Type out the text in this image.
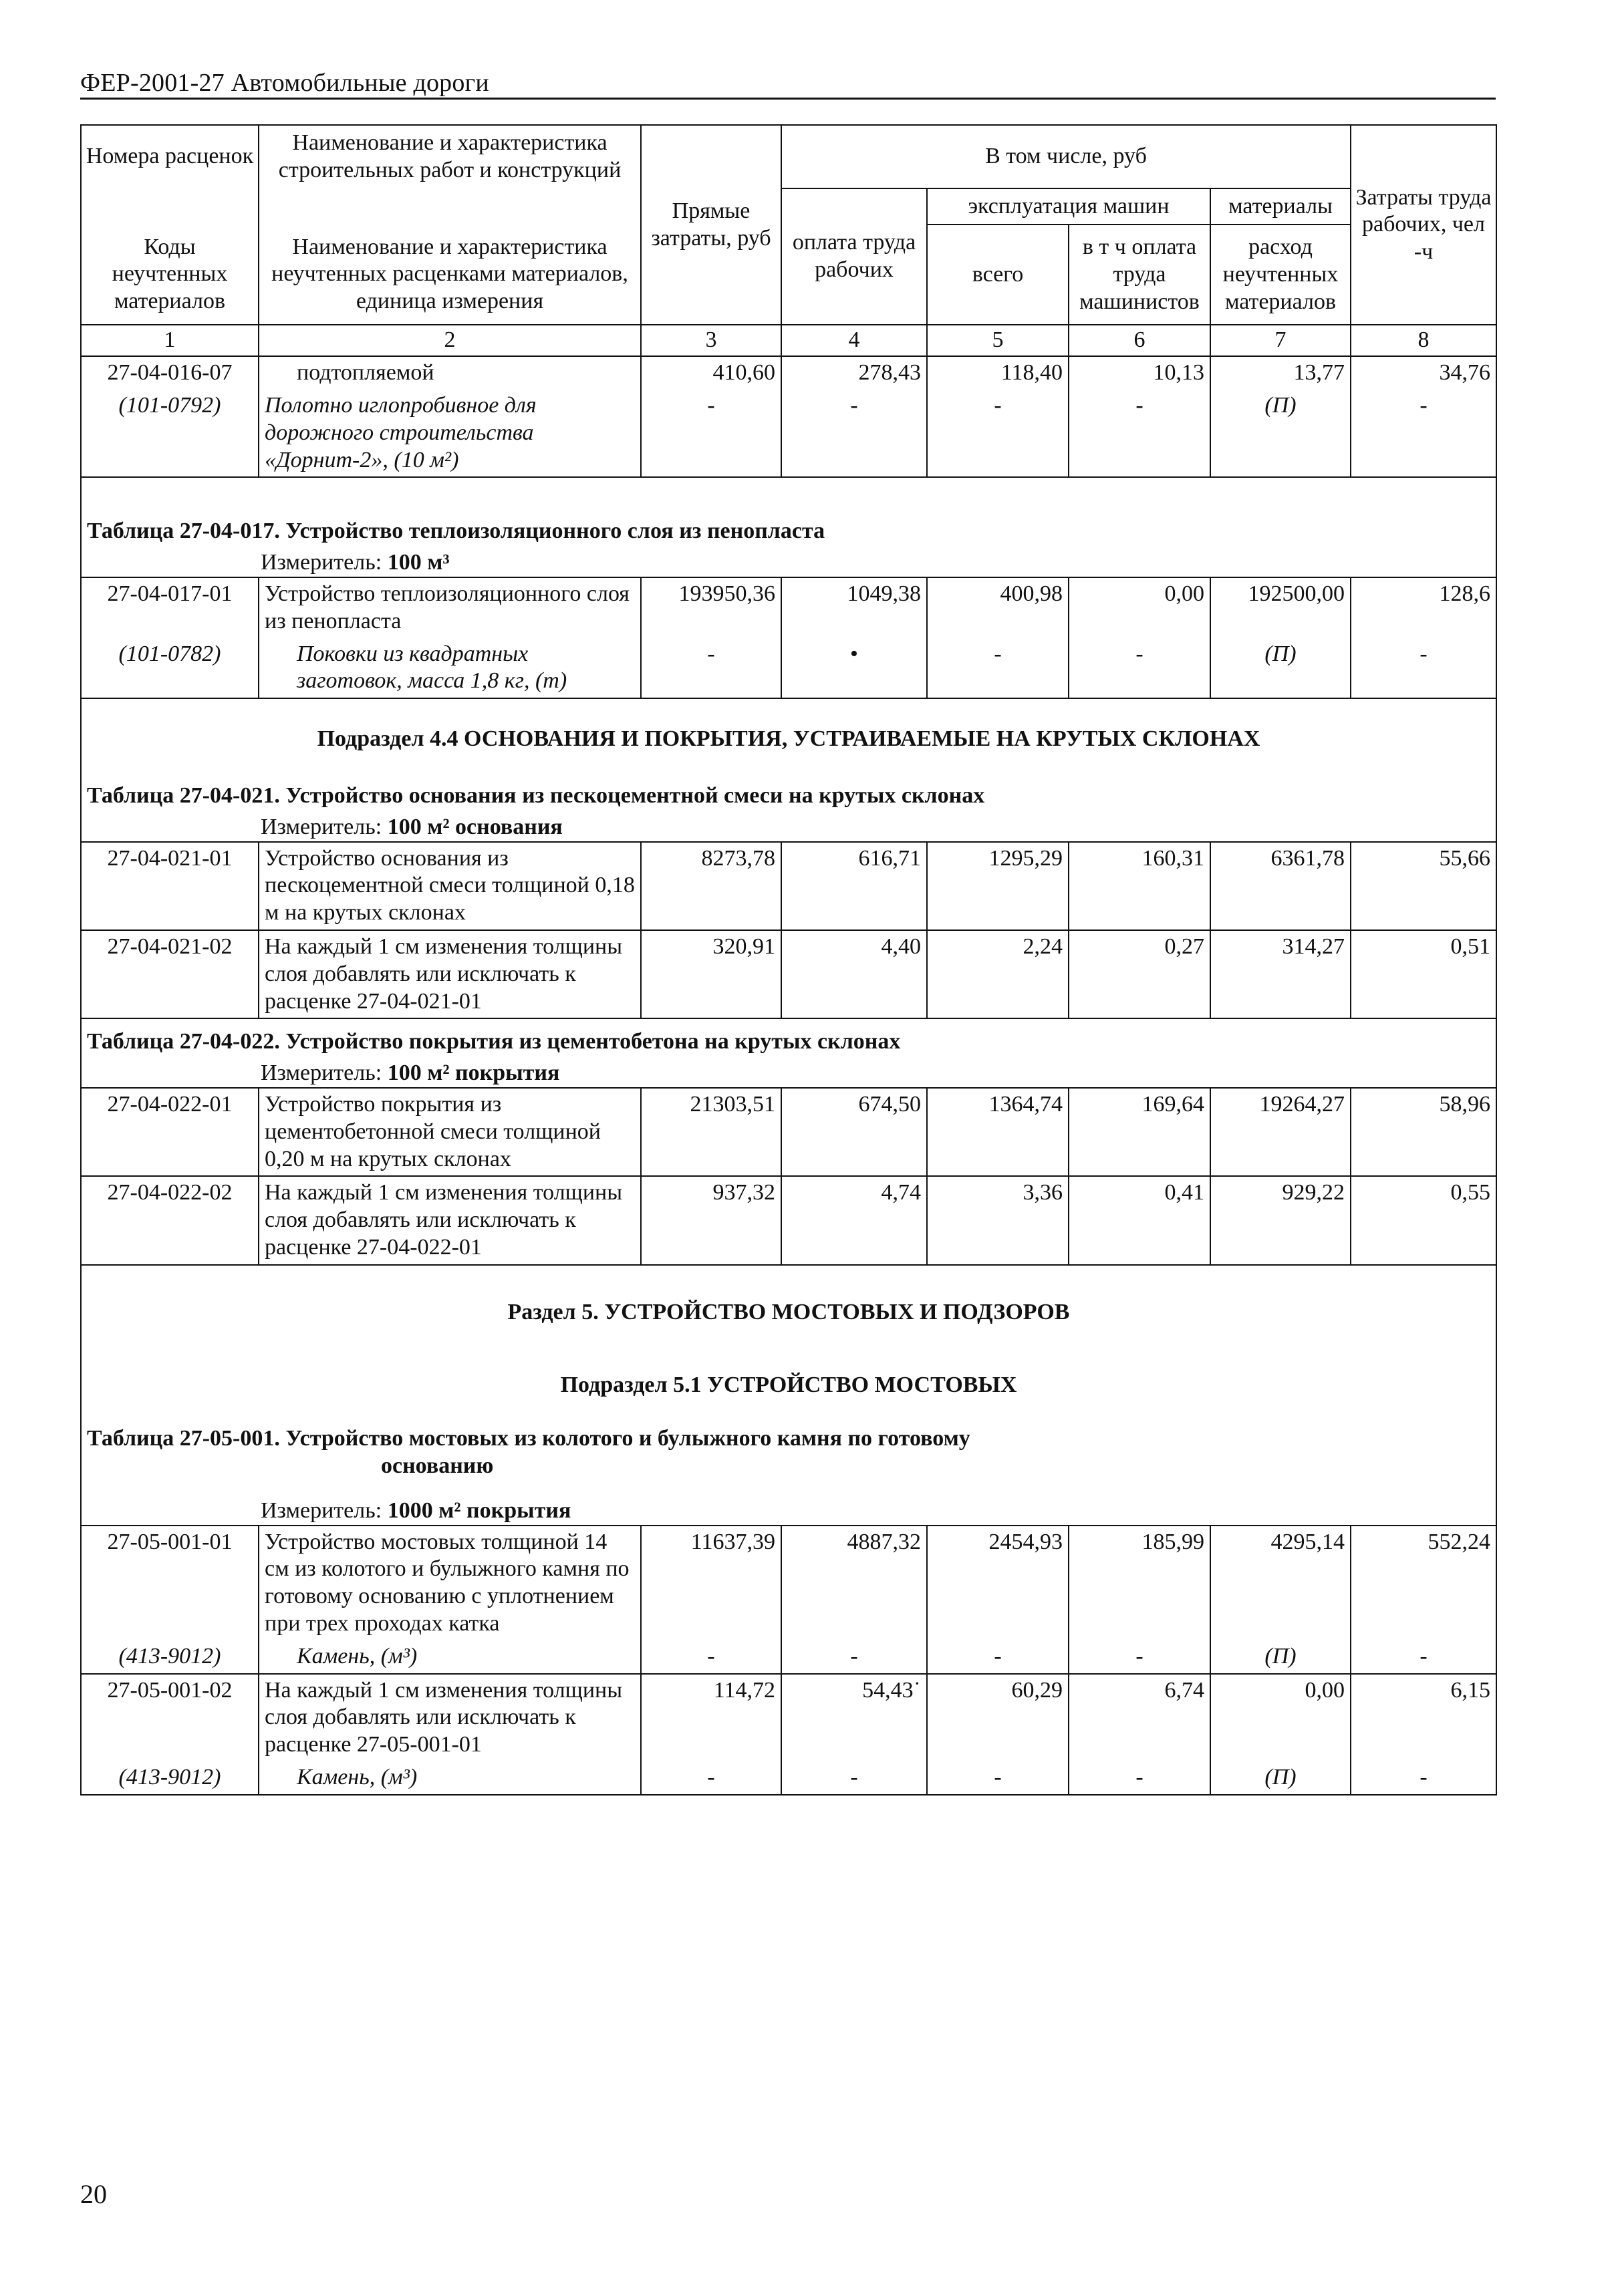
ФЕР-2001-27 Автомобильные дороги
Номера расценок	Наименование и характеристика строительных работ и конструкций	Прямые затраты, руб	В том числе, руб				Затраты труда рабочих, чел -ч
			оплата труда рабочих	эксплуатация машин		материалы	
Коды неучтенных материалов	Наименование и характеристика неучтенных расценками материалов, единица измерения			всего	в т ч оплата труда машинистов	расход неучтенных материалов	
1	2	3	4	5	6	7	8
27-04-016-07	подтопляемой	410,60	278,43	118,40	10,13	13,77	34,76
(101-0792)	Полотно иглопробивное для дорожного строительства «Дорнит-2», (10 м²)	-	-	-	-	(П)	-
Таблица 27-04-017. Устройство теплоизоляционного слоя из пенопласта							
Измеритель: 100 м³							
27-04-017-01	Устройство теплоизоляционного слоя из пенопласта	193950,36	1049,38	400,98	0,00	192500,00	128,6
(101-0782)	Поковки из квадратных заготовок, масса 1,8 кг, (т)	-	•	-	-	(П)	-
Подраздел 4.4 ОСНОВАНИЯ И ПОКРЫТИЯ, УСТРАИВАЕМЫЕ НА КРУТЫХ СКЛОНАХ							
Таблица 27-04-021. Устройство основания из пескоцементной смеси на крутых склонах							
Измеритель: 100 м² основания							
27-04-021-01	Устройство основания из пескоцементной смеси толщиной 0,18 м на крутых склонах	8273,78	616,71	1295,29	160,31	6361,78	55,66
27-04-021-02	На каждый 1 см изменения толщины слоя добавлять или исключать к расценке 27-04-021-01	320,91	4,40	2,24	0,27	314,27	0,51
Таблица 27-04-022. Устройство покрытия из цементобетона на крутых склонах							
Измеритель: 100 м² покрытия							
27-04-022-01	Устройство покрытия из цементобетонной смеси толщиной 0,20 м на крутых склонах	21303,51	674,50	1364,74	169,64	19264,27	58,96
27-04-022-02	На каждый 1 см изменения толщины слоя добавлять или исключать к расценке 27-04-022-01	937,32	4,74	3,36	0,41	929,22	0,55
Раздел 5. УСТРОЙСТВО МОСТОВЫХ И ПОДЗОРОВ							
Подраздел 5.1 УСТРОЙСТВО МОСТОВЫХ							
Таблица 27-05-001. Устройство мостовых из колотого и булыжного камня по готовому
основанию							
Измеритель: 1000 м² покрытия							
27-05-001-01	Устройство мостовых толщиной 14 см из колотого и булыжного камня по готовому основанию с уплотнением при трех проходах катка	11637,39	4887,32	2454,93	185,99	4295,14	552,24
(413-9012)	Камень, (м³)	-	-	-	-	(П)	-
27-05-001-02	На каждый 1 см изменения толщины слоя добавлять или исключать к расценке 27-05-001-01	114,72	54,43˙	60,29	6,74	0,00	6,15
(413-9012)	Камень, (м³)	-	-	-	-	(П)	-
20
